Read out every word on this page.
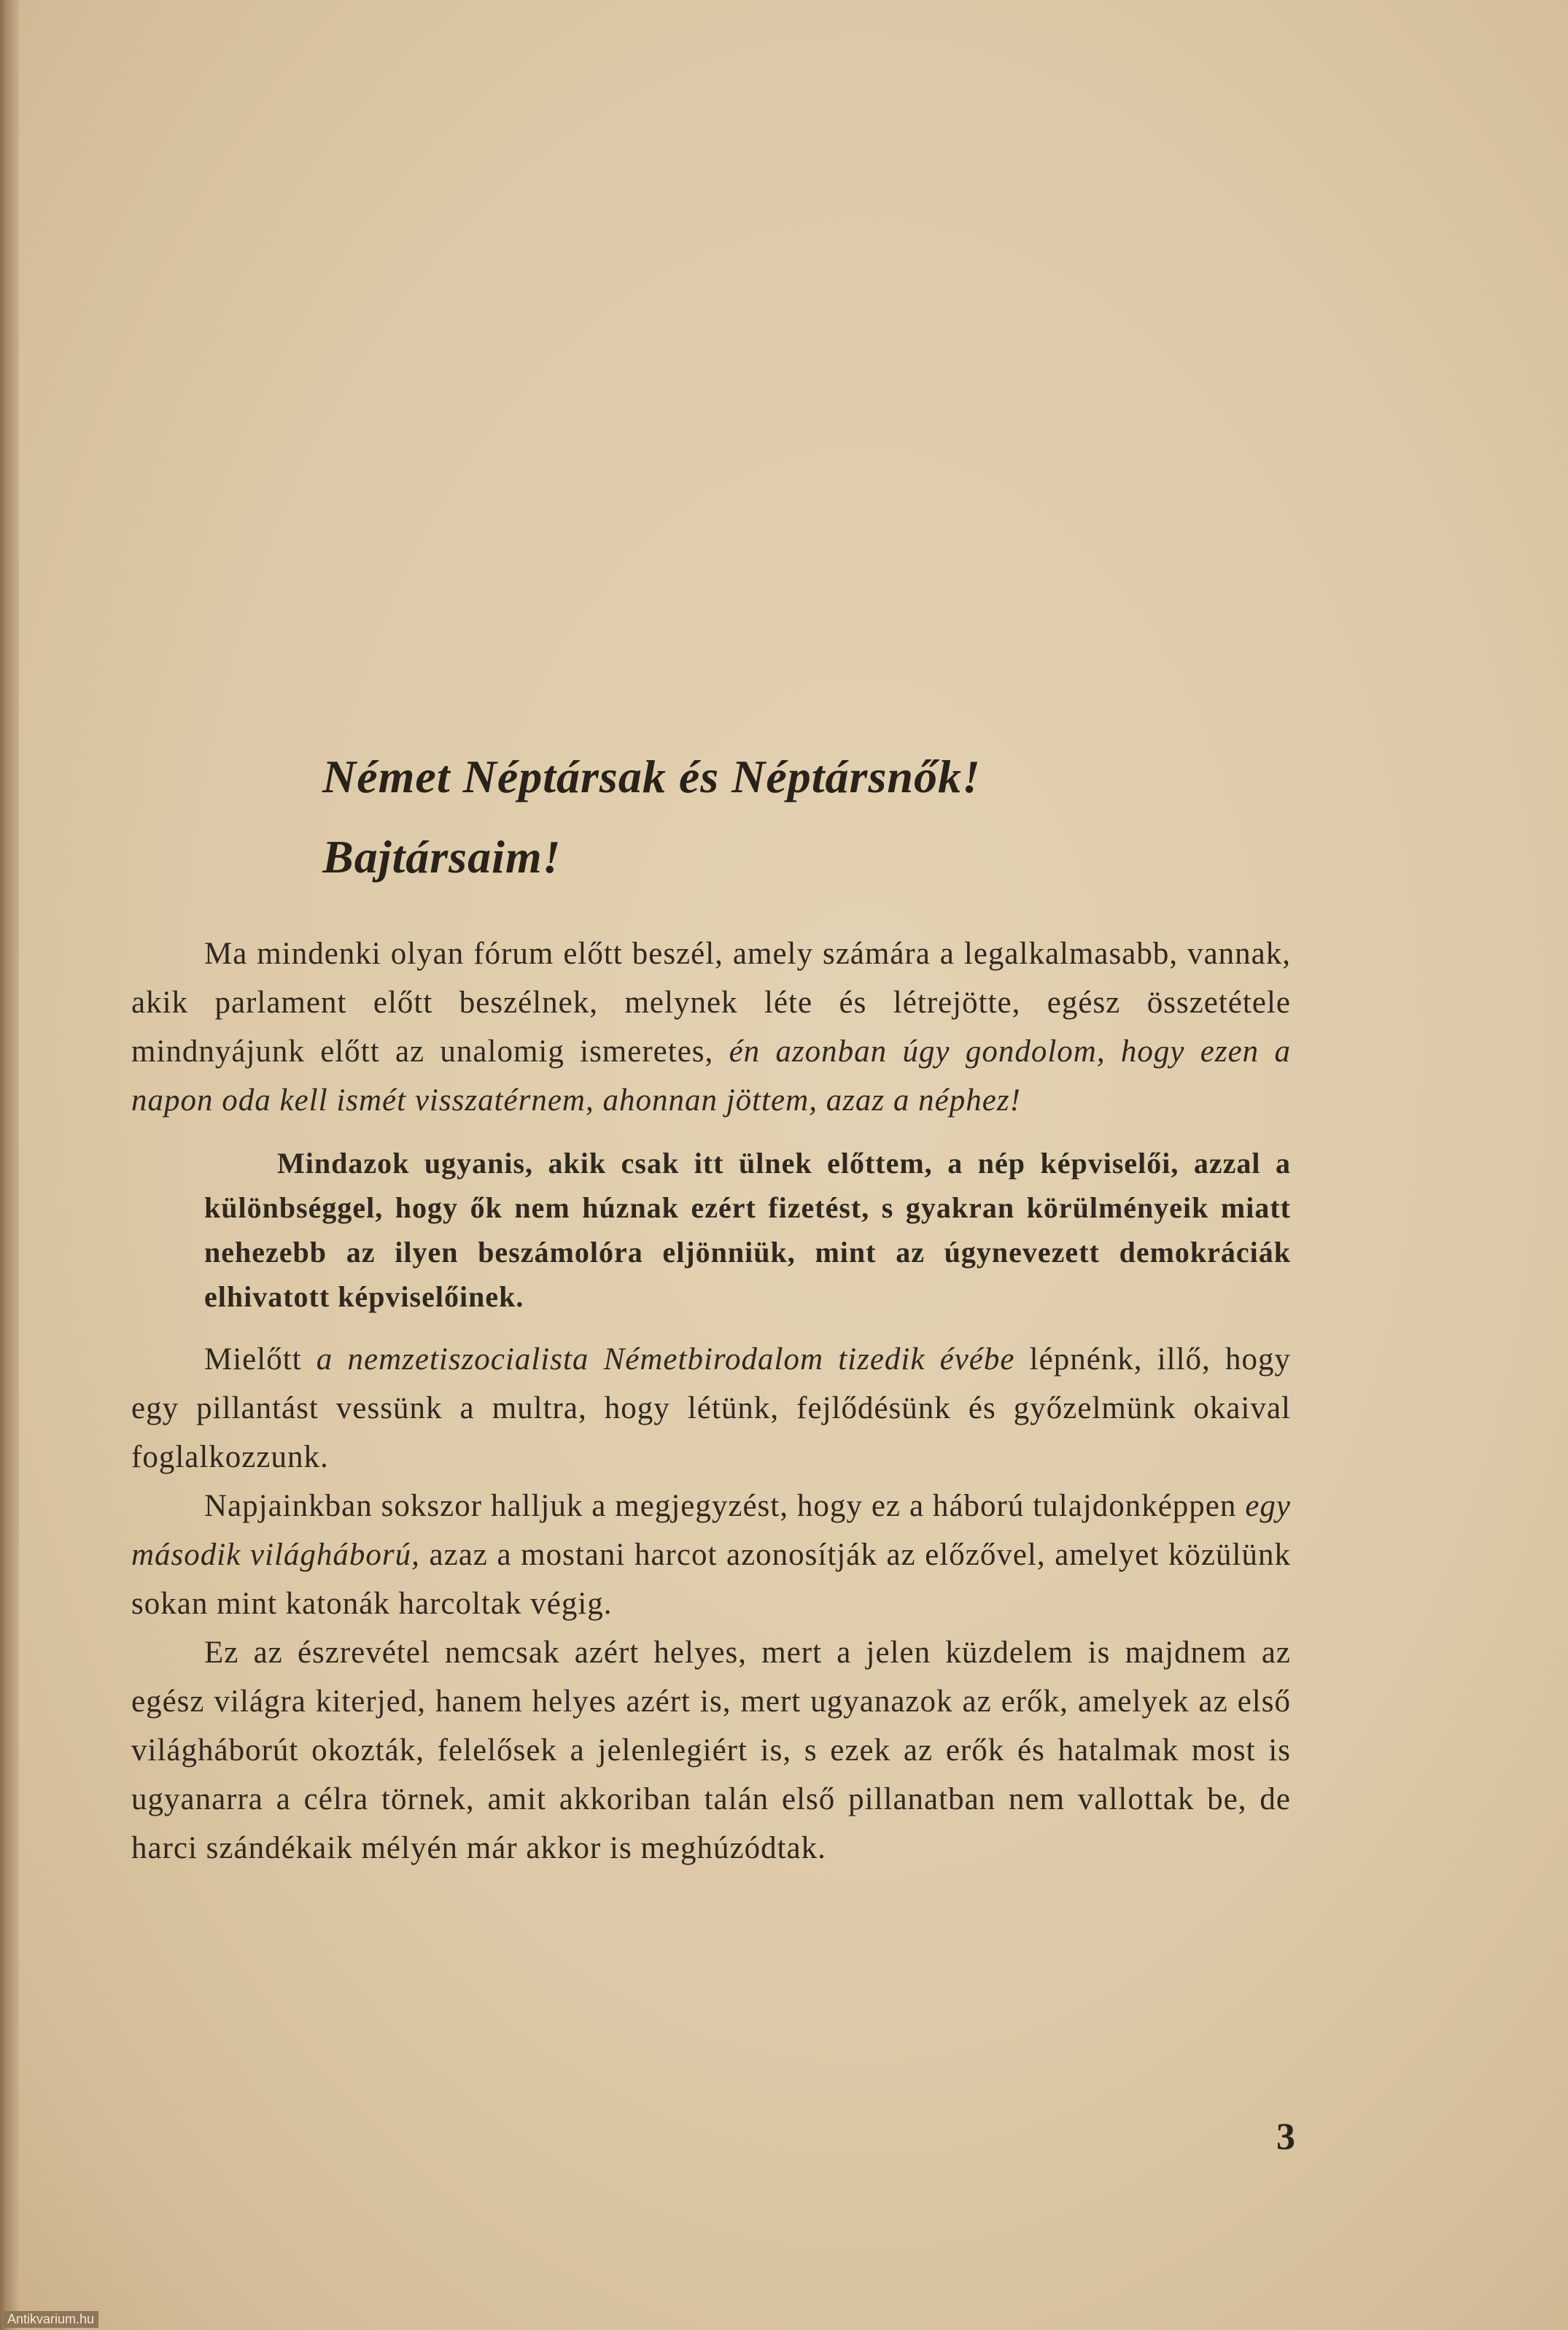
Német Néptársak és Néptársnők!
Bajtársaim!

Ma mindenki olyan fórum előtt beszél, amely számára a legalkalmasabb, vannak, akik parlament előtt beszélnek, melynek léte és létrejötte, egész összetétele mindnyájunk előtt az unalomig ismeretes, én azonban úgy gondolom, hogy ezen a napon oda kell ismét visszatérnem, ahonnan jöttem, azaz a néphez!

Mindazok ugyanis, akik csak itt ülnek előttem, a nép képviselői, azzal a különbséggel, hogy ők nem húznak ezért fizetést, s gyakran körülményeik miatt nehezebb az ilyen beszámolóra eljönniük, mint az úgynevezett demokráciák elhivatott képviselőinek.

Mielőtt a nemzetiszocialista Németbirodalom tizedik évébe lépnénk, illő, hogy egy pillantást vessünk a multra, hogy létünk, fejlődésünk és győzelmünk okaival foglalkozzunk.

Napjainkban sokszor halljuk a megjegyzést, hogy ez a háború tulajdonképpen egy második világháború, azaz a mostani harcot azonosítják az előzővel, amelyet közülünk sokan mint katonák harcoltak végig.

Ez az észrevétel nemcsak azért helyes, mert a jelen küzdelem is majdnem az egész világra kiterjed, hanem helyes azért is, mert ugyanazok az erők, amelyek az első világháborút okozták, felelősek a jelenlegiért is, s ezek az erők és hatalmak most is ugyanarra a célra törnek, amit akkoriban talán első pillanatban nem vallottak be, de harci szándékaik mélyén már akkor is meghúzódtak.

3
Antikvarium.hu
